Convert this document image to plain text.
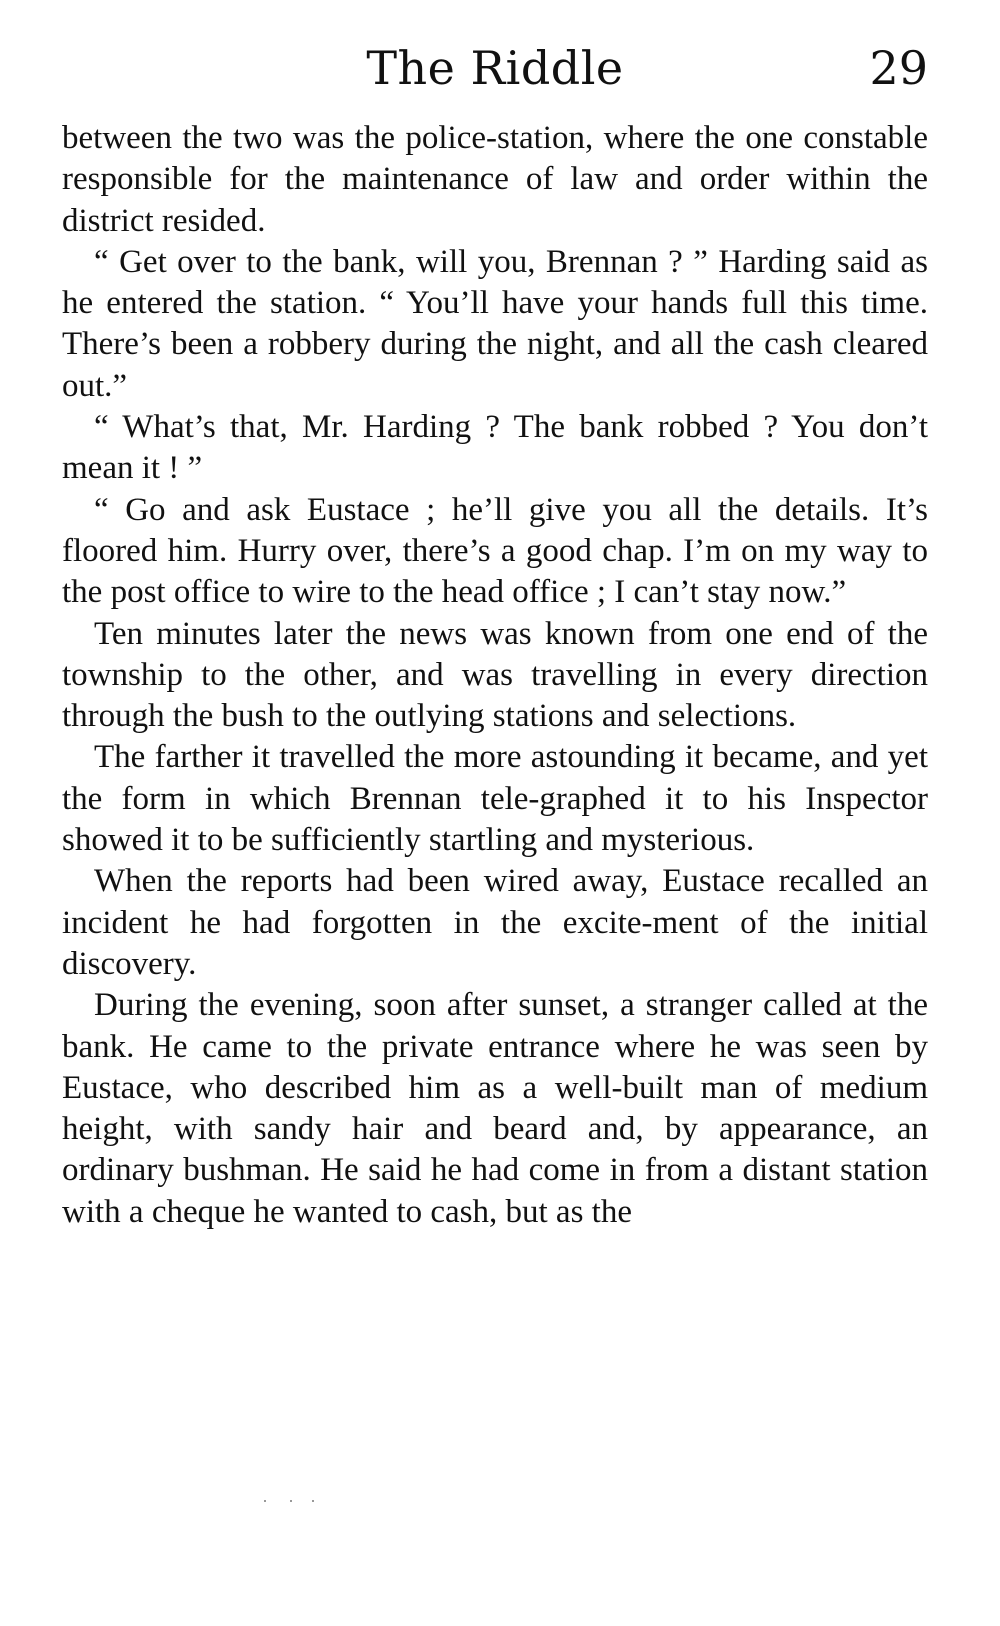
The Riddle	29

between the two was the police-station, where the one constable responsible for the maintenance of law and order within the district resided.

“ Get over to the bank, will you, Brennan ? ” Harding said as he entered the station. “ You’ll have your hands full this time. There’s been a robbery during the night, and all the cash cleared out.”

“ What’s that, Mr. Harding ? The bank robbed ? You don’t mean it ! ”

“ Go and ask Eustace ; he’ll give you all the details. It’s floored him. Hurry over, there’s a good chap. I’m on my way to the post office to wire to the head office ; I can’t stay now.”

Ten minutes later the news was known from one end of the township to the other, and was travelling in every direction through the bush to the outlying stations and selections.

The farther it travelled the more astounding it became, and yet the form in which Brennan tele-graphed it to his Inspector showed it to be sufficiently startling and mysterious.

When the reports had been wired away, Eustace recalled an incident he had forgotten in the excite-ment of the initial discovery.

During the evening, soon after sunset, a stranger called at the bank. He came to the private entrance where he was seen by Eustace, who described him as a well-built man of medium height, with sandy hair and beard and, by appearance, an ordinary bushman. He said he had come in from a distant station with a cheque he wanted to cash, but as the
